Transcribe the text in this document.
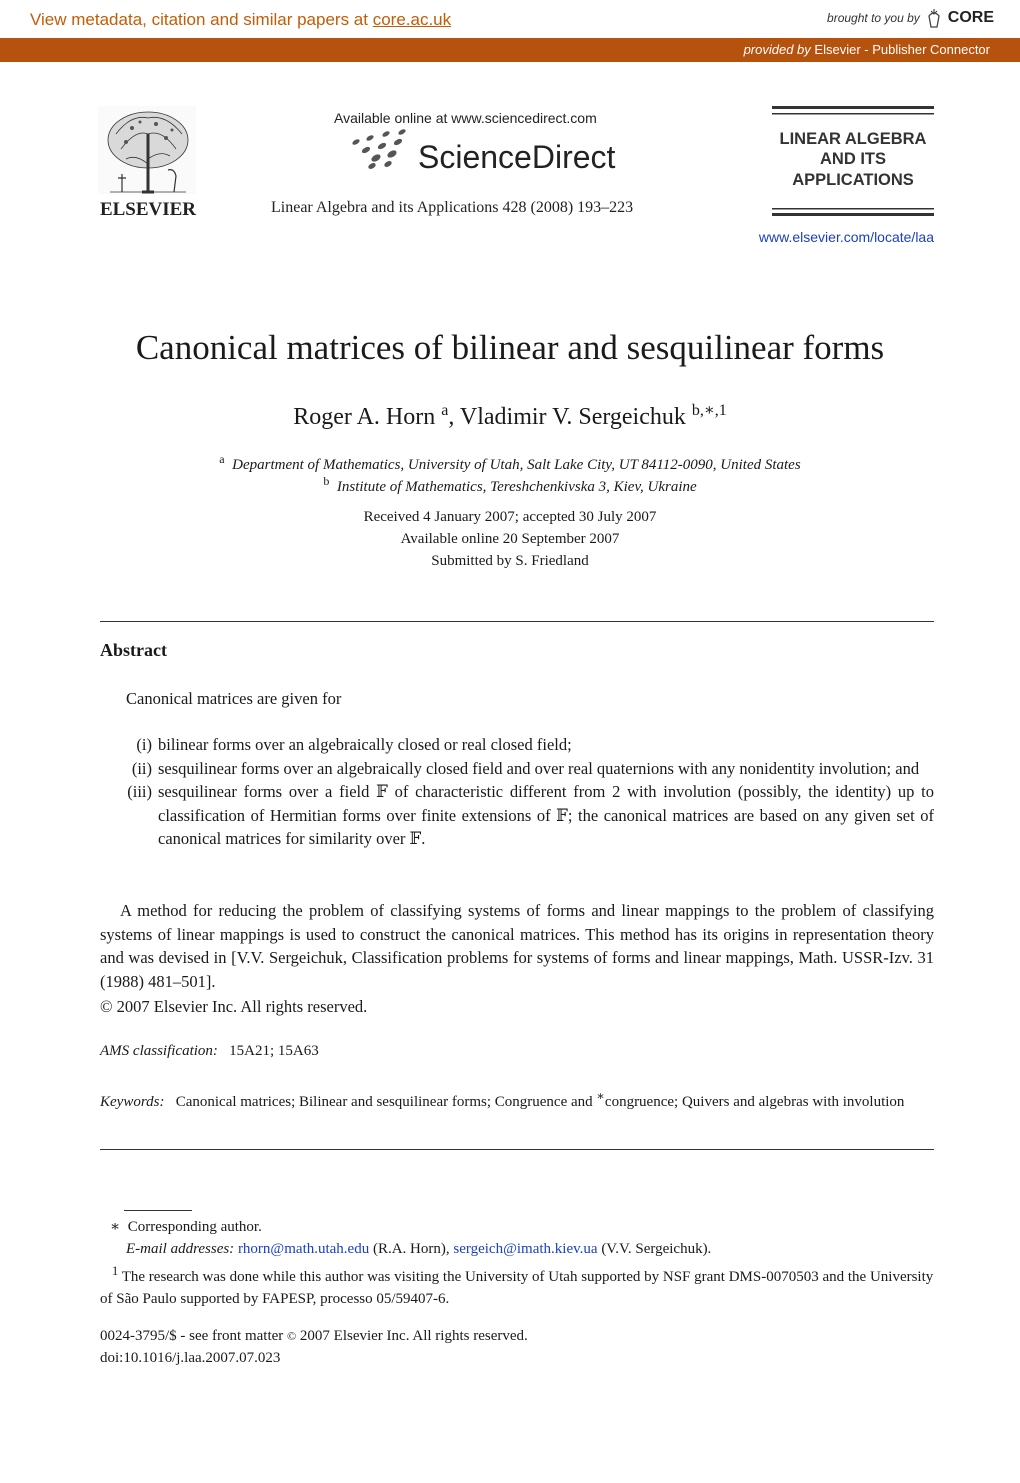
View metadata, citation and similar papers at core.ac.uk	brought to you by CORE
provided by Elsevier - Publisher Connector
ELSEVIER
Available online at www.sciencedirect.com
ScienceDirect
Linear Algebra and its Applications 428 (2008) 193–223
LINEAR ALGEBRA
AND ITS
APPLICATIONS
www.elsevier.com/locate/laa
Canonical matrices of bilinear and sesquilinear forms
Roger A. Horn $^a$, Vladimir V. Sergeichuk $^{b,∗,1}$
$^a$ Department of Mathematics, University of Utah, Salt Lake City, UT 84112-0090, United States
$^b$ Institute of Mathematics, Tereshchenkivska 3, Kiev, Ukraine
Received 4 January 2007; accepted 30 July 2007
Available online 20 September 2007
Submitted by S. Friedland
Abstract
Canonical matrices are given for
(i) bilinear forms over an algebraically closed or real closed field;
(ii) sesquilinear forms over an algebraically closed field and over real quaternions with any nonidentity involution; and
(iii) sesquilinear forms over a field 𝔽 of characteristic different from 2 with involution (possibly, the identity) up to classification of Hermitian forms over finite extensions of 𝔽; the canonical matrices are based on any given set of canonical matrices for similarity over 𝔽.
A method for reducing the problem of classifying systems of forms and linear mappings to the problem of classifying systems of linear mappings is used to construct the canonical matrices. This method has its origins in representation theory and was devised in [V.V. Sergeichuk, Classification problems for systems of forms and linear mappings, Math. USSR-Izv. 31 (1988) 481–501].
© 2007 Elsevier Inc. All rights reserved.
AMS classification: 15A21; 15A63
Keywords: Canonical matrices; Bilinear and sesquilinear forms; Congruence and ∗congruence; Quivers and algebras with involution
∗ Corresponding author.
E-mail addresses: rhorn@math.utah.edu (R.A. Horn), sergeich@imath.kiev.ua (V.V. Sergeichuk).
$^1$ The research was done while this author was visiting the University of Utah supported by NSF grant DMS-0070503 and the University of São Paulo supported by FAPESP, processo 05/59407-6.
0024-3795/$ - see front matter © 2007 Elsevier Inc. All rights reserved.
doi:10.1016/j.laa.2007.07.023
